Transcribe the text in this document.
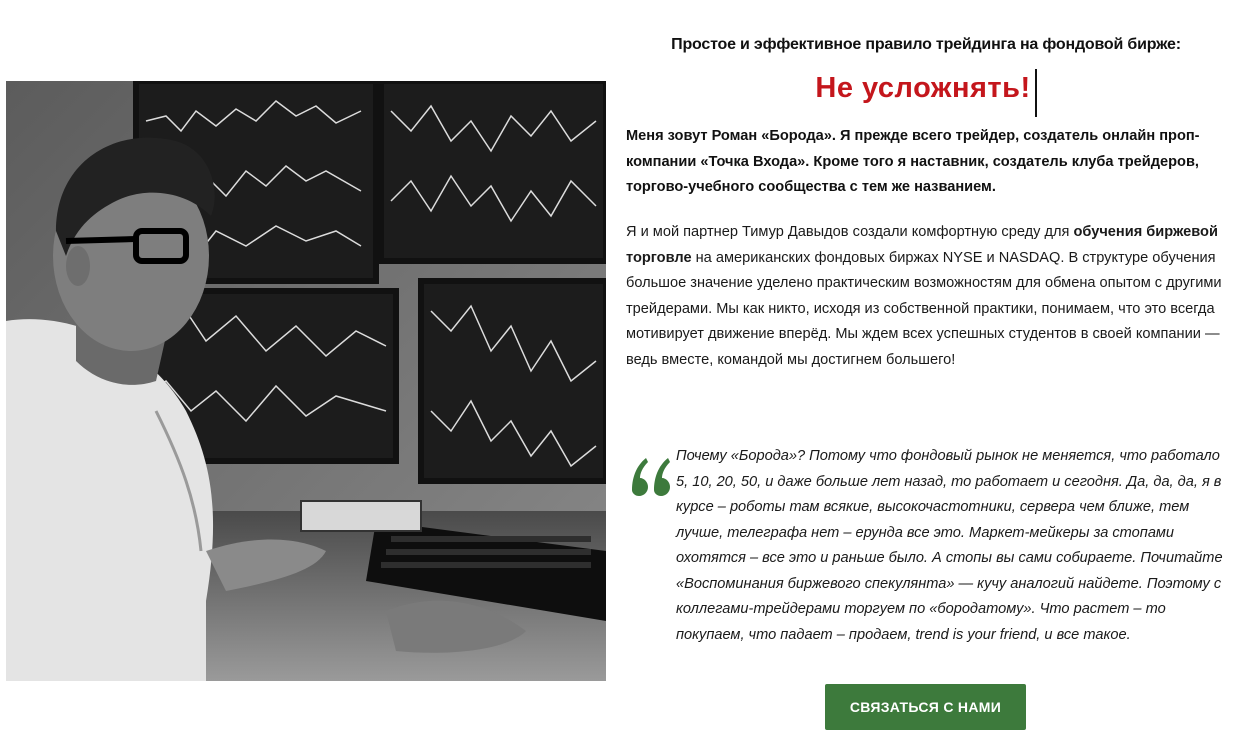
Простое и эффективное правило трейдинга на фондовой бирже:
Не усложнять!

Меня зовут Роман «Борода». Я прежде всего трейдер, создатель онлайн проп-компании «Точка Входа». Кроме того я наставник, создатель клуба трейдеров, торгово-учебного сообщества с тем же названием.

Я и мой партнер Тимур Давыдов создали комфортную среду для обучения биржевой торговле на американских фондовых биржах NYSE и NASDAQ. В структуре обучения большое значение уделено практическим возможностям для обмена опытом с другими трейдерами. Мы как никто, исходя из собственной практики, понимаем, что это всегда мотивирует движение вперёд. Мы ждем всех успешных студентов в своей компании — ведь вместе, командой мы достигнем большего!

Почему «Борода»? Потому что фондовый рынок не меняется, что работало 5, 10, 20, 50, и даже больше лет назад, то работает и сегодня. Да, да, да, я в курсе – роботы там всякие, высокочастотники, сервера чем ближе, тем лучше, телеграфа нет – ерунда все это. Маркет-мейкеры за стопами охотятся – все это и раньше было. А стопы вы сами собираете. Почитайте «Воспоминания биржевого спекулянта» — кучу аналогий найдете. Поэтому с коллегами-трейдерами торгуем по «бородатому». Что растет – то покупаем, что падает – продаем, trend is your friend, и все такое.

СВЯЗАТЬСЯ С НАМИ
